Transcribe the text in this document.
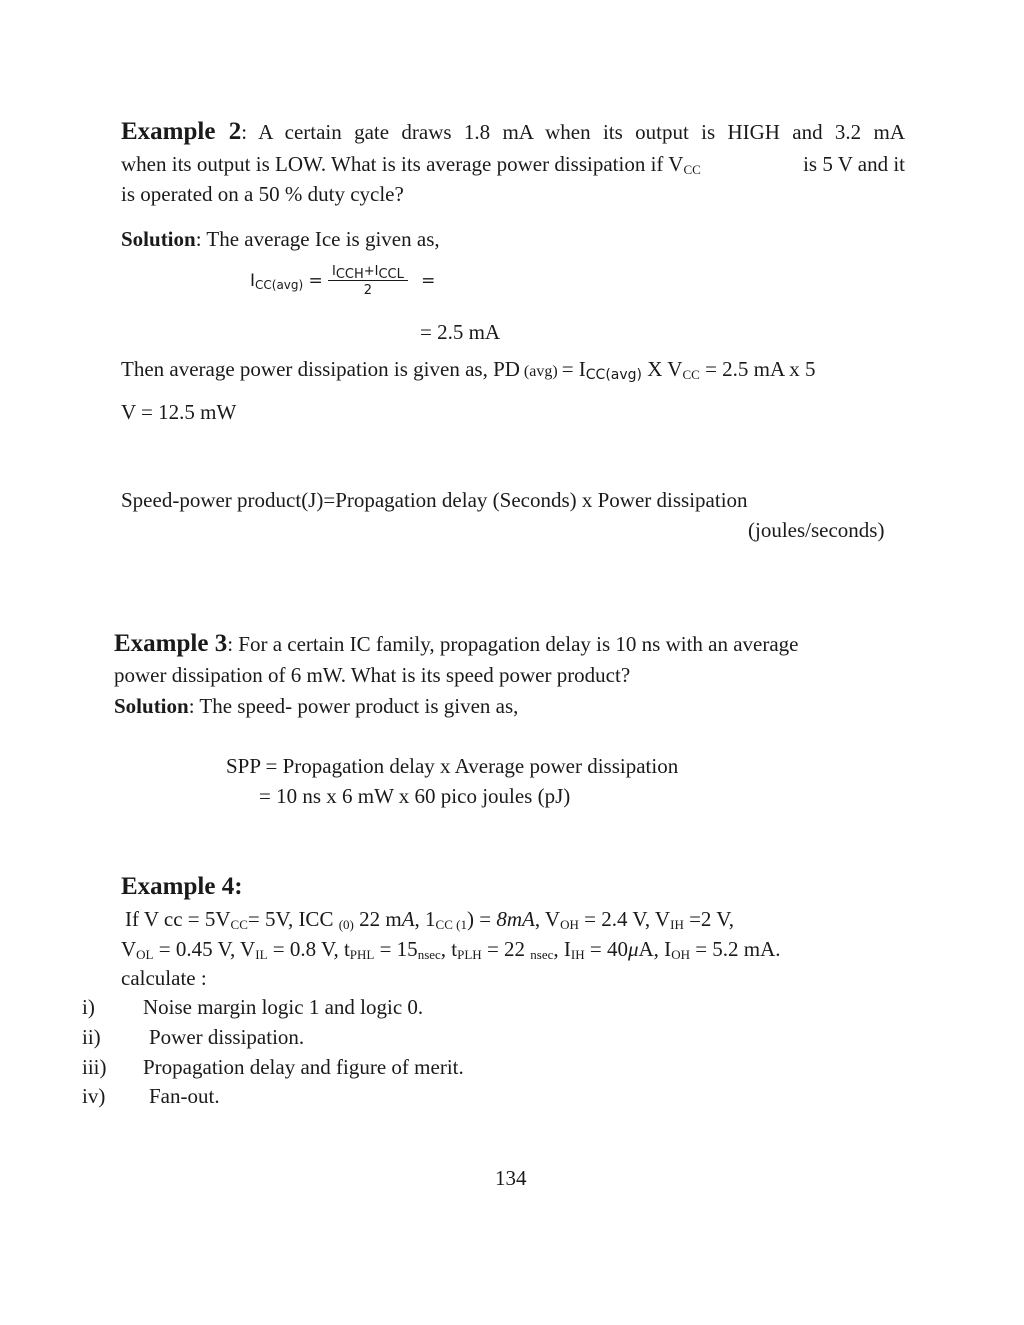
Example 2: A certain gate draws 1.8 mA when its output is HIGH and 3.2 mA
when its output is LOW. What is its average power dissipation if $V_{CC}$	is 5 V and it
is operated on a 50 % duty cycle?
Solution: The average Ice is given as,
$I_{CC(avg)} = \frac{I_{CCH}+I_{CCL}}{2}$ =
= 2.5 mA
Then average power dissipation is given as, PD $(avg) = I_{CC(avg)}$ X $V_{CC} = 2.5$ mA x 5
V = 12.5 mW
Speed-power product(J)=Propagation delay (Seconds) x Power dissipation
(joules/seconds)
Example 3: For a certain IC family, propagation delay is 10 ns with an average
power dissipation of 6 mW. What is its speed power product?
Solution: The speed- power product is given as,
SPP = Propagation delay x Average power dissipation
= 10 ns x 6 mW x 60 pico joules (pJ)
Example 4:
If V cc = $5V_{CC}= 5V$, ICC $_{(0)}$ 22 mA, $1_{CC (1}) = 8mA$, $V_{OH} = 2.4$ V, $V_{IH} =2$ V,
$V_{OL} = 0.45$ V, $V_{IL} = 0.8$ V, $t_{PHL} = 15_{nsec}$, $t_{PLH} = 22$ $_{nsec}$, $I_{IH} = 40\mu A$, $I_{OH} = 5.2$ mA.
calculate :
i) Noise margin logic 1 and logic 0.
ii) Power dissipation.
iii) Propagation delay and figure of merit.
iv) Fan-out.
134
